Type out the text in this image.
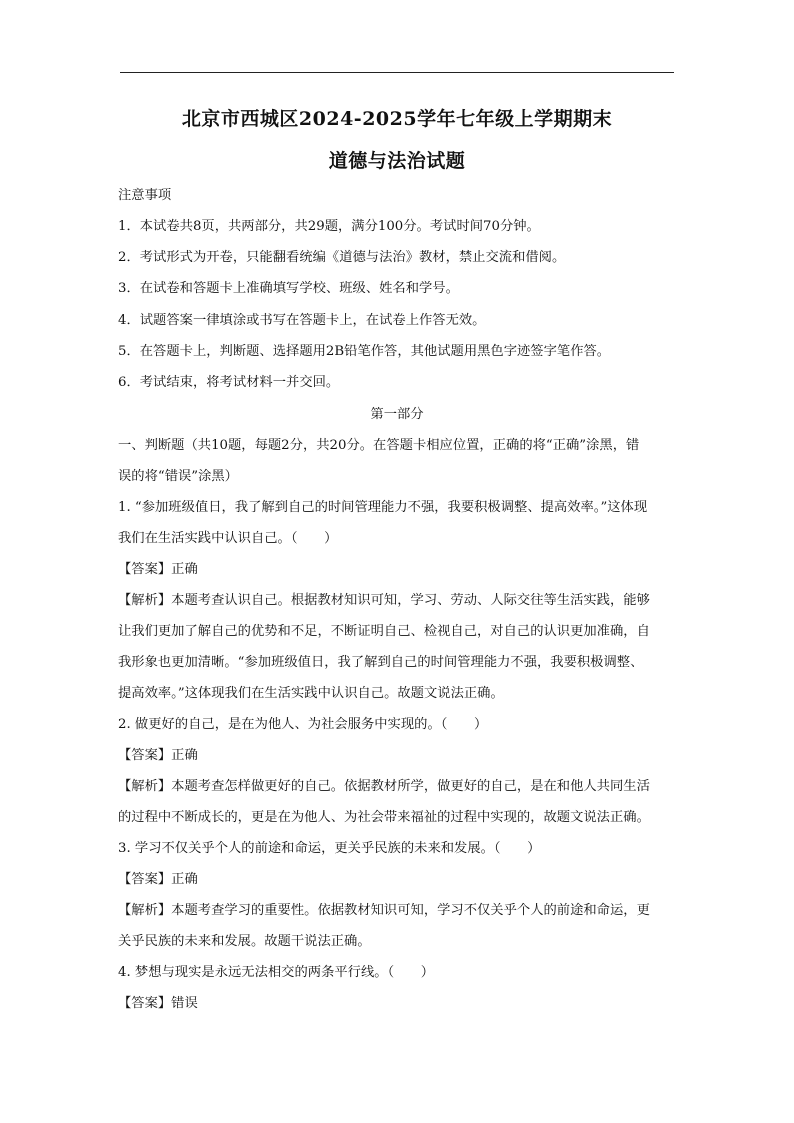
北京市西城区2024-2025学年七年级上学期期末
道德与法治试题
注意事项
1．本试卷共8页，共两部分，共29题，满分100分。考试时间70分钟。
2．考试形式为开卷，只能翻看统编《道德与法治》教材，禁止交流和借阅。
3．在试卷和答题卡上准确填写学校、班级、姓名和学号。
4．试题答案一律填涂或书写在答题卡上，在试卷上作答无效。
5．在答题卡上，判断题、选择题用2B铅笔作答，其他试题用黑色字迹签字笔作答。
6．考试结束，将考试材料一并交回。
第一部分
一、判断题（共10题，每题2分，共20分。在答题卡相应位置，正确的将“正确”涂黑，错
误的将“错误”涂黑）
1. “参加班级值日，我了解到自己的时间管理能力不强，我要积极调整、提高效率。”这体现
我们在生活实践中认识自己。（　　）
【答案】正确
【解析】本题考查认识自己。根据教材知识可知，学习、劳动、人际交往等生活实践，能够
让我们更加了解自己的优势和不足，不断证明自己、检视自己，对自己的认识更加准确，自
我形象也更加清晰。“参加班级值日，我了解到自己的时间管理能力不强，我要积极调整、
提高效率。”这体现我们在生活实践中认识自己。故题文说法正确。
2. 做更好的自己，是在为他人、为社会服务中实现的。（　　）
【答案】正确
【解析】本题考查怎样做更好的自己。依据教材所学，做更好的自己，是在和他人共同生活
的过程中不断成长的，更是在为他人、为社会带来福祉的过程中实现的，故题文说法正确。
3. 学习不仅关乎个人的前途和命运，更关乎民族的未来和发展。（　　）
【答案】正确
【解析】本题考查学习的重要性。依据教材知识可知，学习不仅关乎个人的前途和命运，更
关乎民族的未来和发展。故题干说法正确。
4. 梦想与现实是永远无法相交的两条平行线。（　　）
【答案】错误
